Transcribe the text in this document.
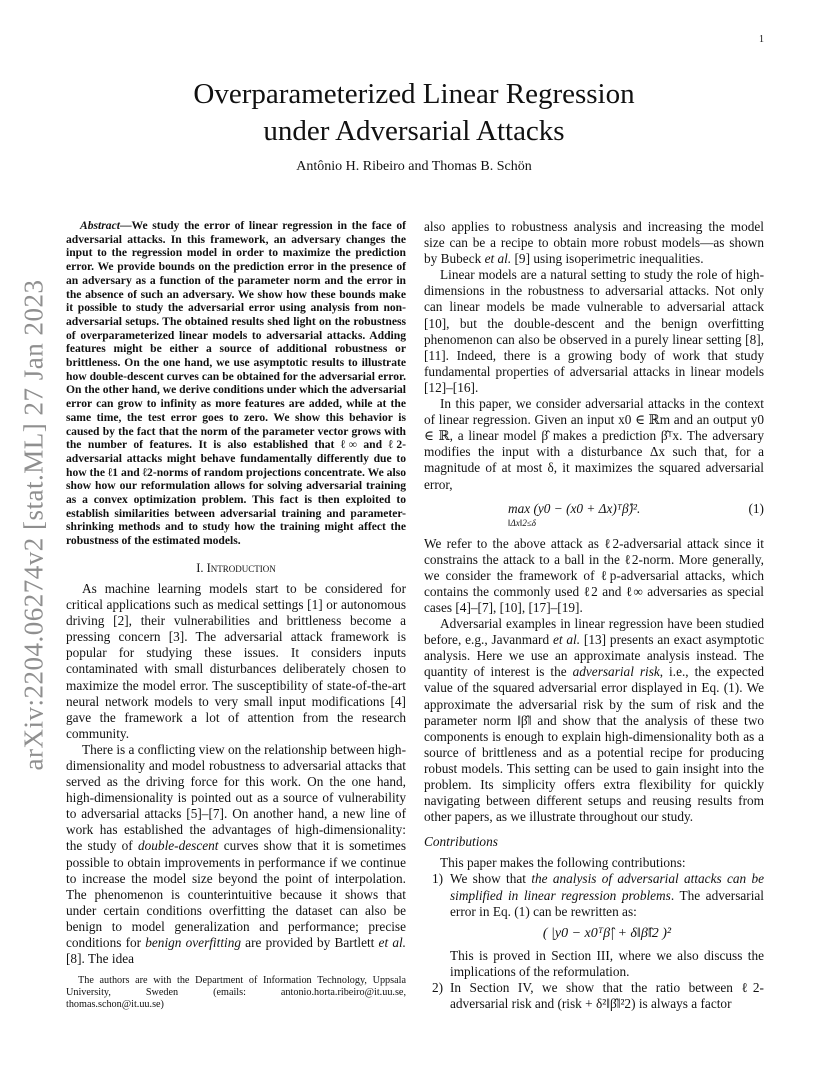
1
arXiv:2204.06274v2 [stat.ML] 27 Jan 2023
Overparameterized Linear Regression
under Adversarial Attacks
Antônio H. Ribeiro and Thomas B. Schön

Abstract—We study the error of linear regression in the face of adversarial attacks. In this framework, an adversary changes the input to the regression model in order to maximize the prediction error. We provide bounds on the prediction error in the presence of an adversary as a function of the parameter norm and the error in the absence of such an adversary. We show how these bounds make it possible to study the adversarial error using analysis from non-adversarial setups. The obtained results shed light on the robustness of overparameterized linear models to adversarial attacks. Adding features might be either a source of additional robustness or brittleness. On the one hand, we use asymptotic results to illustrate how double-descent curves can be obtained for the adversarial error. On the other hand, we derive conditions under which the adversarial error can grow to infinity as more features are added, while at the same time, the test error goes to zero. We show this behavior is caused by the fact that the norm of the parameter vector grows with the number of features. It is also established that ℓ∞ and ℓ2-adversarial attacks might behave fundamentally differently due to how the ℓ1 and ℓ2-norms of random projections concentrate. We also show how our reformulation allows for solving adversarial training as a convex optimization problem. This fact is then exploited to establish similarities between adversarial training and parameter-shrinking methods and to study how the training might affect the robustness of the estimated models.

I. Introduction

As machine learning models start to be considered for critical applications such as medical settings [1] or autonomous driving [2], their vulnerabilities and brittleness become a pressing concern [3]. The adversarial attack framework is popular for studying these issues. It considers inputs contaminated with small disturbances deliberately chosen to maximize the model error. The susceptibility of state-of-the-art neural network models to very small input modifications [4] gave the framework a lot of attention from the research community.

There is a conflicting view on the relationship between high-dimensionality and model robustness to adversarial attacks that served as the driving force for this work. On the one hand, high-dimensionality is pointed out as a source of vulnerability to adversarial attacks [5]–[7]. On another hand, a new line of work has established the advantages of high-dimensionality: the study of double-descent curves show that it is sometimes possible to obtain improvements in performance if we continue to increase the model size beyond the point of interpolation. The phenomenon is counterintuitive because it shows that under certain conditions overfitting the dataset can also be benign to model generalization and performance; precise conditions for benign overfitting are provided by Bartlett et al. [8]. The idea

The authors are with the Department of Information Technology, Uppsala University, Sweden (emails: antonio.horta.ribeiro@it.uu.se, thomas.schon@it.uu.se)

also applies to robustness analysis and increasing the model size can be a recipe to obtain more robust models—as shown by Bubeck et al. [9] using isoperimetric inequalities.

Linear models are a natural setting to study the role of high-dimensions in the robustness to adversarial attacks. Not only can linear models be made vulnerable to adversarial attack [10], but the double-descent and the benign overfitting phenomenon can also be observed in a purely linear setting [8], [11]. Indeed, there is a growing body of work that study fundamental properties of adversarial attacks in linear models [12]–[16].

In this paper, we consider adversarial attacks in the context of linear regression. Given an input x0 ∈ ℝm and an output y0 ∈ ℝ, a linear model β̂ makes a prediction β̂ᵀx. The adversary modifies the input with a disturbance Δx such that, for a magnitude of at most δ, it maximizes the squared adversarial error,

max (y0 − (x0 + Δx)ᵀβ̂)².
‖Δx‖2≤δ
(1)

We refer to the above attack as ℓ2-adversarial attack since it constrains the attack to a ball in the ℓ2-norm. More generally, we consider the framework of ℓp-adversarial attacks, which contains the commonly used ℓ2 and ℓ∞ adversaries as special cases [4]–[7], [10], [17]–[19].

Adversarial examples in linear regression have been studied before, e.g., Javanmard et al. [13] presents an exact asymptotic analysis. Here we use an approximate analysis instead. The quantity of interest is the adversarial risk, i.e., the expected value of the squared adversarial error displayed in Eq. (1). We approximate the adversarial risk by the sum of risk and the parameter norm ‖β̂‖ and show that the analysis of these two components is enough to explain high-dimensionality both as a source of brittleness and as a potential recipe for producing robust models. This setting can be used to gain insight into the problem. Its simplicity offers extra flexibility for quickly navigating between different setups and reusing results from other papers, as we illustrate throughout our study.

Contributions

This paper makes the following contributions:

1) We show that the analysis of adversarial attacks can be simplified in linear regression problems. The adversarial error in Eq. (1) can be rewritten as:
( |y0 − x0ᵀβ̂| + δ‖β̂‖2 )²
This is proved in Section III, where we also discuss the implications of the reformulation.
2) In Section IV, we show that the ratio between ℓ2-adversarial risk and (risk + δ²‖β̂‖²2) is always a factor
